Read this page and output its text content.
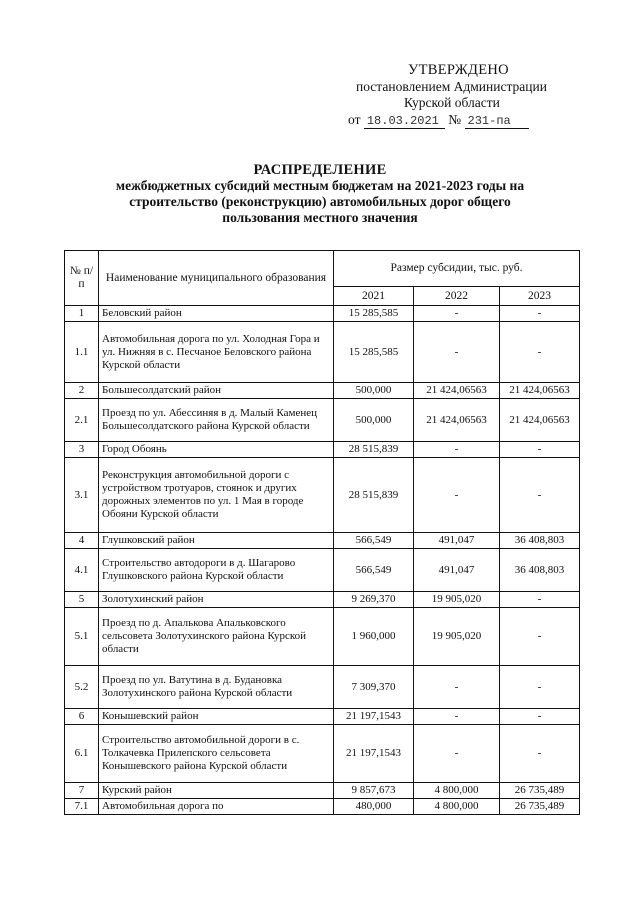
УТВЕРЖДЕНО
постановлением Администрации
Курской области
от 18.03.2021 № 231-па
РАСПРЕДЕЛЕНИЕ
межбюджетных субсидий местным бюджетам на 2021-2023 годы на
строительство (реконструкцию) автомобильных дорог общего
пользования местного значения
№ п/п	Наименование муниципального образования	Размер субсидии, тыс. руб.		
		2021	2022	2023
1	Беловский район	15 285,585	-	-
1.1	Автомобильная дорога по ул. Холодная Гора и ул. Нижняя в с. Песчаное Беловского района Курской области	15 285,585	-	-
2	Большесолдатский район	500,000	21 424,06563	21 424,06563
2.1	Проезд по ул. Абессиняя в д. Малый Каменец Большесолдатского района Курской области	500,000	21 424,06563	21 424,06563
3	Город Обоянь	28 515,839	-	-
3.1	Реконструкция автомобильной дороги с устройством тротуаров, стоянок и других дорожных элементов по ул. 1 Мая в городе Обояни Курской области	28 515,839	-	-
4	Глушковский район	566,549	491,047	36 408,803
4.1	Строительство автодороги в д. Шагарово Глушковского района Курской области	566,549	491,047	36 408,803
5	Золотухинский район	9 269,370	19 905,020	-
5.1	Проезд по д. Апалькова Апальковского сельсовета Золотухинского района Курской области	1 960,000	19 905,020	-
5.2	Проезд по ул. Ватутина в д. Будановка Золотухинского района Курской области	7 309,370	-	-
6	Конышевский район	21 197,1543	-	-
6.1	Строительство автомобильной дороги в с. Толкачевка Прилепского сельсовета Конышевского района Курской области	21 197,1543	-	-
7	Курский район	9 857,673	4 800,000	26 735,489
7.1	Автомобильная дорога по	480,000	4 800,000	26 735,489
